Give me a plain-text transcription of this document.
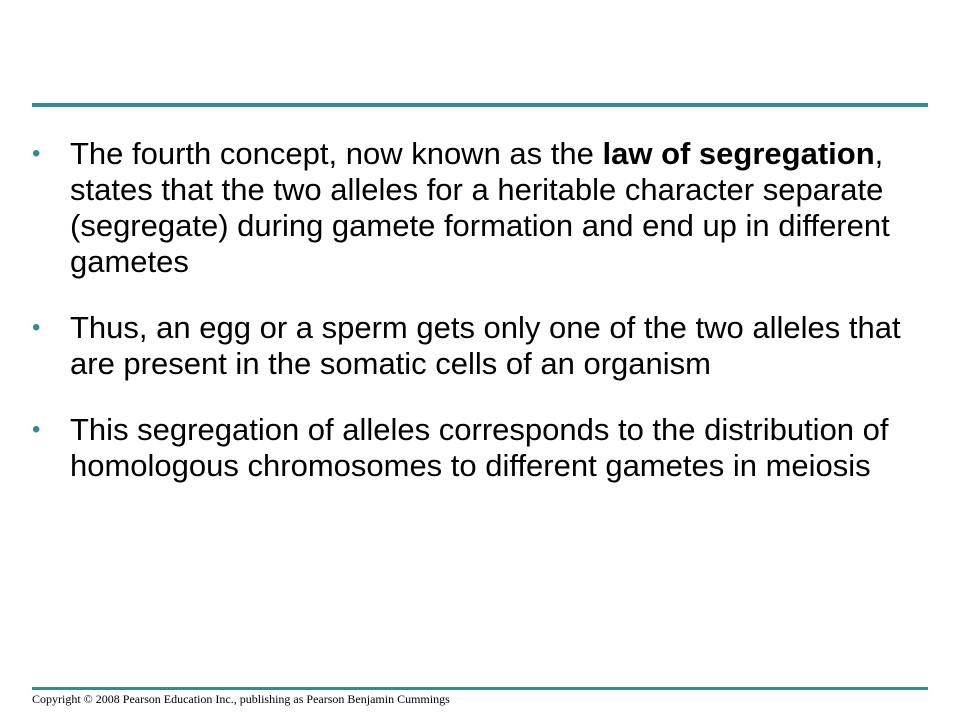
• The fourth concept, now known as the law of segregation, states that the two alleles for a heritable character separate (segregate) during gamete formation and end up in different gametes
• Thus, an egg or a sperm gets only one of the two alleles that are present in the somatic cells of an organism
• This segregation of alleles corresponds to the distribution of homologous chromosomes to different gametes in meiosis
Copyright © 2008 Pearson Education Inc., publishing as Pearson Benjamin Cummings
